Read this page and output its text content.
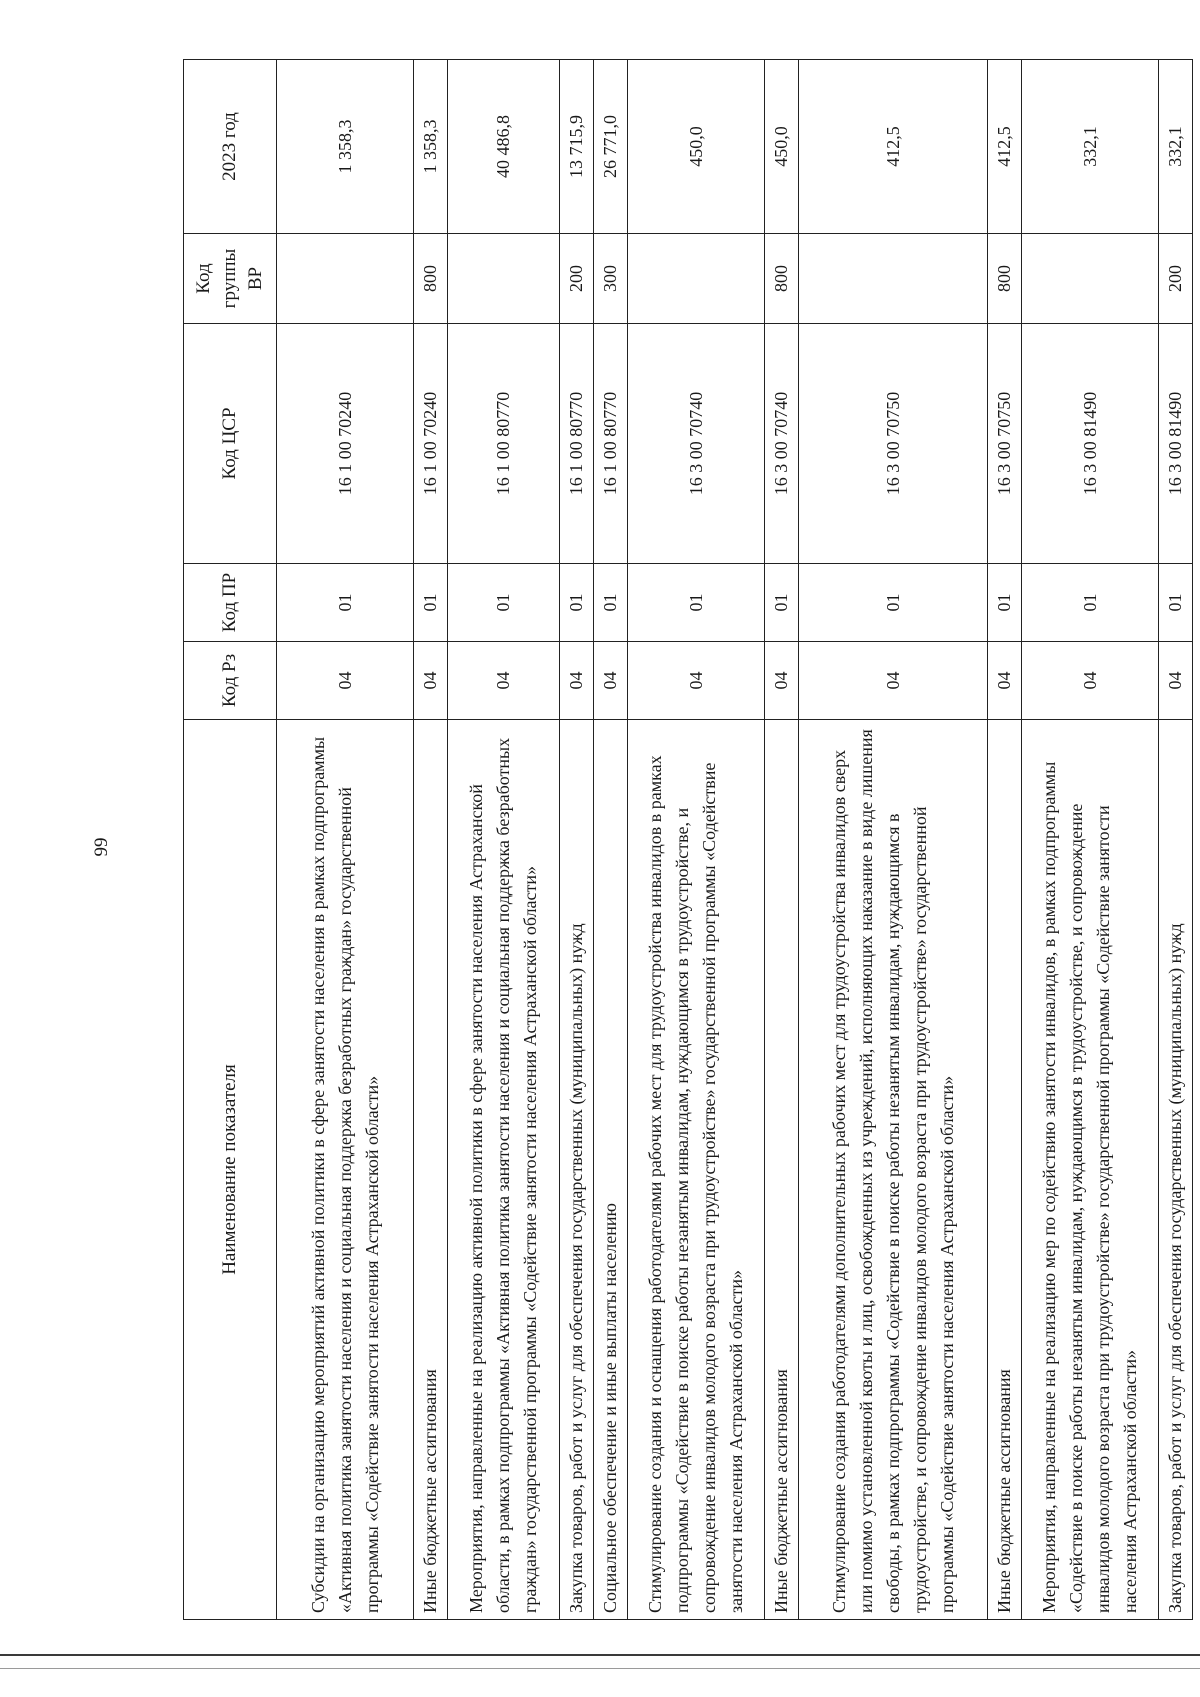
99
Наименование показателя	Код Рз	Код ПР	Код ЦСР	Код группы ВР	2023 год
Субсидии на организацию мероприятий активной политики в сфере занятости населения в рамках подпрограммы «Активная политика занятости населения и социальная поддержка безработных граждан» государственной программы «Содействие занятости населения Астраханской области»	04	01	16 1 00 70240		1 358,3
Иные бюджетные ассигнования	04	01	16 1 00 70240	800	1 358,3
Мероприятия, направленные на реализацию активной политики в сфере занятости населения Астраханской области, в рамках подпрограммы «Активная политика занятости населения и социальная поддержка безработных граждан» государственной программы «Содействие занятости населения Астраханской области»	04	01	16 1 00 80770		40 486,8
Закупка товаров, работ и услуг для обеспечения государственных (муниципальных) нужд	04	01	16 1 00 80770	200	13 715,9
Социальное обеспечение и иные выплаты населению	04	01	16 1 00 80770	300	26 771,0
Стимулирование создания и оснащения работодателями рабочих мест для трудоустройства инвалидов в рамках подпрограммы «Содействие в поиске работы незанятым инвалидам, нуждающимся в трудоустройстве, и сопровождение инвалидов молодого возраста при трудоустройстве» государственной программы «Содействие занятости населения Астраханской области»	04	01	16 3 00 70740		450,0
Иные бюджетные ассигнования	04	01	16 3 00 70740	800	450,0
Стимулирование создания работодателями дополнительных рабочих мест для трудоустройства инвалидов сверх или помимо установленной квоты и лиц, освобожденных из учреждений, исполняющих наказание в виде лишения свободы, в рамках подпрограммы «Содействие в поиске работы незанятым инвалидам, нуждающимся в трудоустройстве, и сопровождение инвалидов молодого возраста при трудоустройстве» государственной программы «Содействие занятости населения Астраханской области»	04	01	16 3 00 70750		412,5
Иные бюджетные ассигнования	04	01	16 3 00 70750	800	412,5
Мероприятия, направленные на реализацию мер по содействию занятости инвалидов, в рамках подпрограммы «Содействие в поиске работы незанятым инвалидам, нуждающимся в трудоустройстве, и сопровождение инвалидов молодого возраста при трудоустройстве» государственной программы «Содействие занятости населения Астраханской области»	04	01	16 3 00 81490		332,1
Закупка товаров, работ и услуг для обеспечения государственных (муниципальных) нужд	04	01	16 3 00 81490	200	332,1
